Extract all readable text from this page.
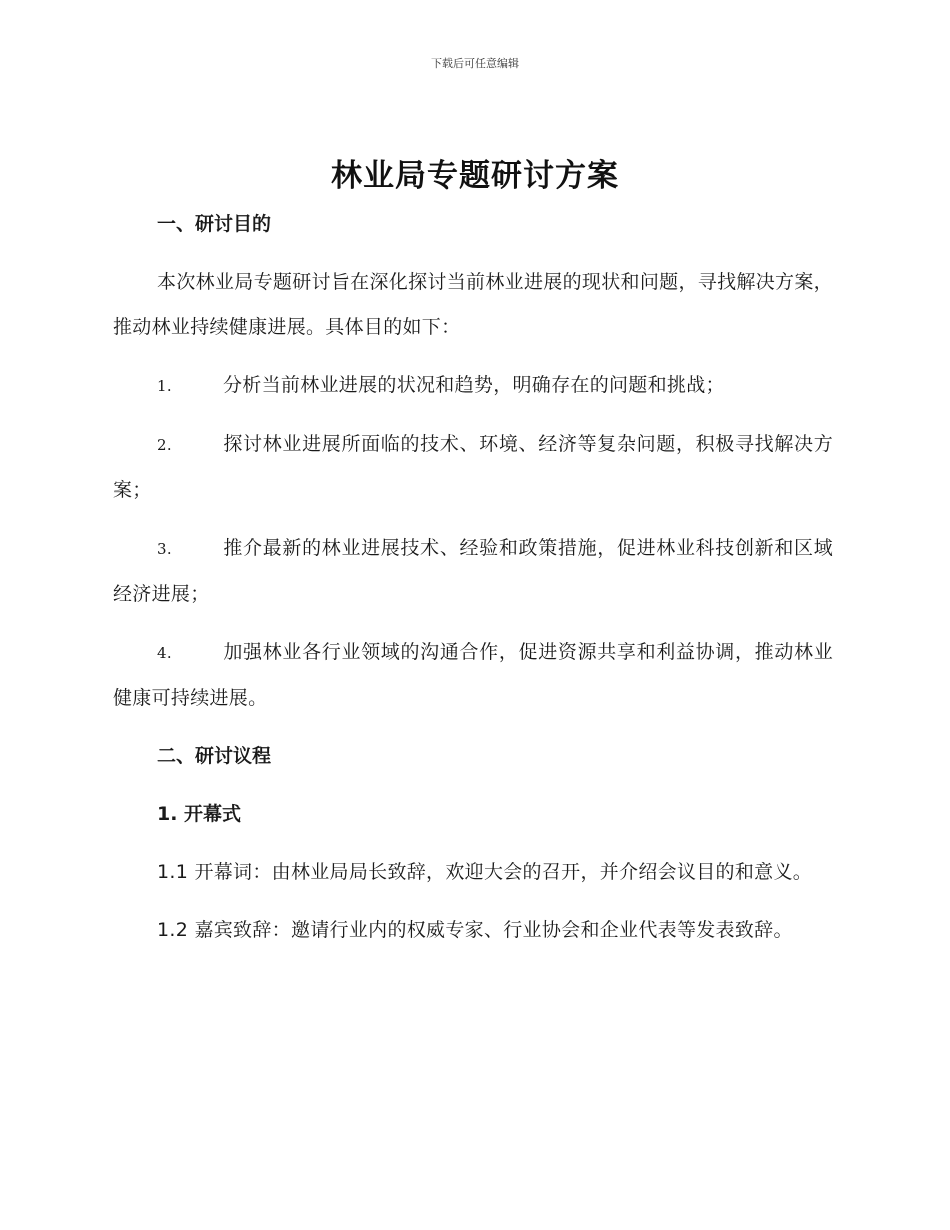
下载后可任意编辑
林业局专题研讨方案

一、研讨目的

本次林业局专题研讨旨在深化探讨当前林业进展的现状和问题，寻找解决方案，推动林业持续健康进展。具体目的如下：

1.	分析当前林业进展的状况和趋势，明确存在的问题和挑战；

2.	探讨林业进展所面临的技术、环境、经济等复杂问题，积极寻找解决方案；

3.	推介最新的林业进展技术、经验和政策措施，促进林业科技创新和区域经济进展；

4.	加强林业各行业领域的沟通合作，促进资源共享和利益协调，推动林业健康可持续进展。

二、研讨议程

1. 开幕式

1.1 开幕词：由林业局局长致辞，欢迎大会的召开，并介绍会议目的和意义。

1.2 嘉宾致辞：邀请行业内的权威专家、行业协会和企业代表等发表致辞。
